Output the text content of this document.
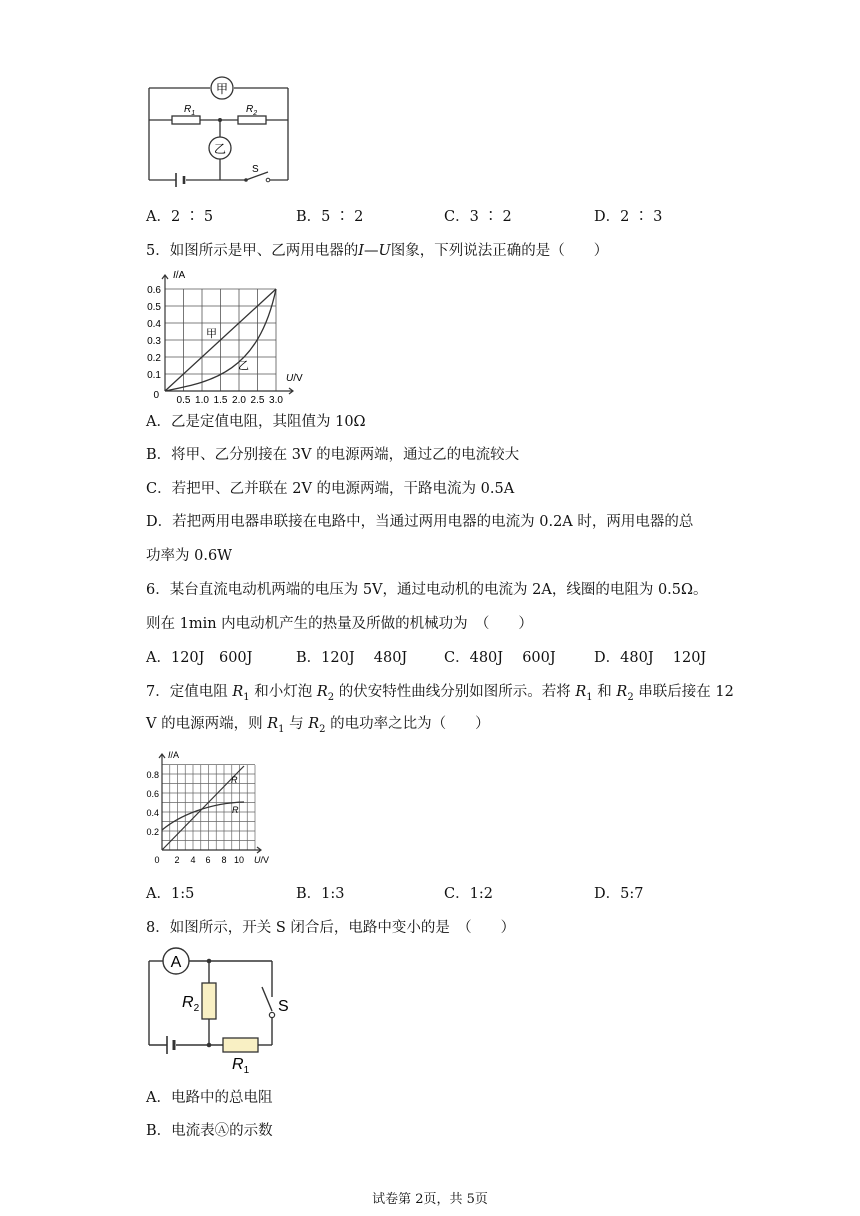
甲
乙
$R_1$	$R_2$
S
A．2 ∶ 5	B．5 ∶ 2	C．3 ∶ 2	D．2 ∶ 3
5．如图所示是甲、乙两用电器的I—U图象，下列说法正确的是（　　）
I/A
U/V
0.6
0.5
0.4
0.3
0.2
0.1
0 0.5 1.0 1.5 2.0 2.5 3.0
甲
乙
A．乙是定值电阻，其阻值为 10Ω
B．将甲、乙分别接在 3V 的电源两端，通过乙的电流较大
C．若把甲、乙并联在 2V 的电源两端，干路电流为 0.5A
D．若把两用电器串联接在电路中，当通过两用电器的电流为 0.2A 时，两用电器的总
功率为 0.6W
6．某台直流电动机两端的电压为 5V，通过电动机的电流为 2A，线圈的电阻为 0.5Ω。
则在 1min 内电动机产生的热量及所做的机械功为　（　　）
A．120J　600J	B．120J　 480J	C．480J　 600J	D．480J　 120J
7．定值电阻 $R_1$ 和小灯泡 $R_2$ 的伏安特性曲线分别如图所示。若将 $R_1$ 和 $R_2$ 串联后接在 12
V 的电源两端，则 $R_1$ 与 $R_2$ 的电功率之比为（　　）
I/A
U/V
0.8
0.6
0.4
0.2
0 2 4 6 8 10
R
R
A．1:5	B．1:3	C．1:2	D．5:7
8．如图所示，开关 S 闭合后，电路中变小的是　（　　）
A
$R_2$
$R_1$
S
A．电路中的总电阻
B．电流表Ⓐ的示数
试卷第 2页，共 5页
